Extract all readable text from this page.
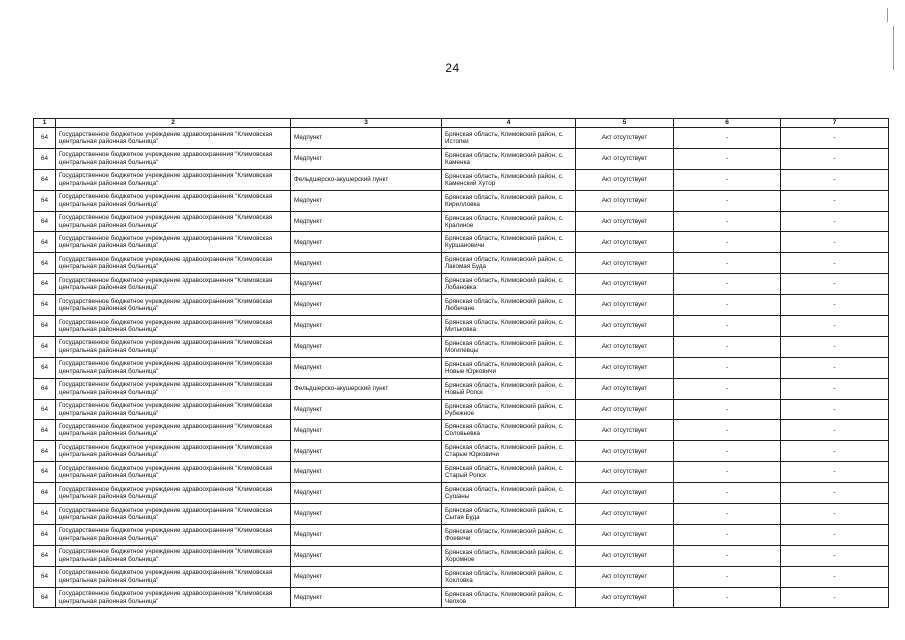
24
1	2	3	4	5	6	7
64	Государственное бюджетное учреждение здравоохранения "Климовская центральная районная больница"	Медпункт	Брянская область, Климовский район, с. Истопки	Акт отсутствует	-	-
64	Государственное бюджетное учреждение здравоохранения "Климовская центральная районная больница"	Медпункт	Брянская область, Климовский район, с. Каменка	Акт отсутствует	-	-
64	Государственное бюджетное учреждение здравоохранения "Климовская центральная районная больница"	Фельдшерско-акушерский пункт	Брянская область, Климовский район, с. Каменский Хутор	Акт отсутствует	-	-
64	Государственное бюджетное учреждение здравоохранения "Климовская центральная районная больница"	Медпункт	Брянская область, Климовский район, с. Кирилловка	Акт отсутствует	-	-
64	Государственное бюджетное учреждение здравоохранения "Климовская центральная районная больница"	Медпункт	Брянская область, Климовский район, с. Кралиное	Акт отсутствует	-	-
64	Государственное бюджетное учреждение здравоохранения "Климовская центральная районная больница"	Медпункт	Брянская область, Климовский район, с. Куршановичи	Акт отсутствует	-	-
64	Государственное бюджетное учреждение здравоохранения "Климовская центральная районная больница"	Медпункт	Брянская область, Климовский район, с. Лакомая Буда	Акт отсутствует	-	-
64	Государственное бюджетное учреждение здравоохранения "Климовская центральная районная больница"	Медпункт	Брянская область, Климовский район, с. Лобановка	Акт отсутствует	-	-
64	Государственное бюджетное учреждение здравоохранения "Климовская центральная районная больница"	Медпункт	Брянская область, Климовский район, с. Любечане	Акт отсутствует	-	-
64	Государственное бюджетное учреждение здравоохранения "Климовская центральная районная больница"	Медпункт	Брянская область, Климовский район, с. Митьковка	Акт отсутствует	-	-
64	Государственное бюджетное учреждение здравоохранения "Климовская центральная районная больница"	Медпункт	Брянская область, Климовский район, с. Могилевцы	Акт отсутствует	-	-
64	Государственное бюджетное учреждение здравоохранения "Климовская центральная районная больница"	Медпункт	Брянская область, Климовский район, с. Новые Юрковичи	Акт отсутствует	-	-
64	Государственное бюджетное учреждение здравоохранения "Климовская центральная районная больница"	Фельдшерско-акушерский пункт	Брянская область, Климовский район, с. Новый Ропск	Акт отсутствует	-	-
64	Государственное бюджетное учреждение здравоохранения "Климовская центральная районная больница"	Медпункт	Брянская область, Климовский район, с. Рубежное	Акт отсутствует	-	-
64	Государственное бюджетное учреждение здравоохранения "Климовская центральная районная больница"	Медпункт	Брянская область, Климовский район, с. Соловьевка	Акт отсутствует	-	-
64	Государственное бюджетное учреждение здравоохранения "Климовская центральная районная больница"	Медпункт	Брянская область, Климовский район, с. Старые Юрковичи	Акт отсутствует	-	-
64	Государственное бюджетное учреждение здравоохранения "Климовская центральная районная больница"	Медпункт	Брянская область, Климовский район, с. Старый Ропск	Акт отсутствует	-	-
64	Государственное бюджетное учреждение здравоохранения "Климовская центральная районная больница"	Медпункт	Брянская область, Климовский район, с. Сушаны	Акт отсутствует	-	-
64	Государственное бюджетное учреждение здравоохранения "Климовская центральная районная больница"	Медпункт	Брянская область, Климовский район, с. Сытая Буда	Акт отсутствует	-	-
64	Государственное бюджетное учреждение здравоохранения "Климовская центральная районная больница"	Медпункт	Брянская область, Климовский район, с. Фоевичи	Акт отсутствует	-	-
64	Государственное бюджетное учреждение здравоохранения "Климовская центральная районная больница"	Медпункт	Брянская область, Климовский район, с. Хоромное	Акт отсутствует	-	-
64	Государственное бюджетное учреждение здравоохранения "Климовская центральная районная больница"	Медпункт	Брянская область, Климовский район, с. Хохловка	Акт отсутствует	-	-
64	Государственное бюджетное учреждение здравоохранения "Климовская центральная районная больница"	Медпункт	Брянская область, Климовский район, с. Челхов	Акт отсутствует	-	-
